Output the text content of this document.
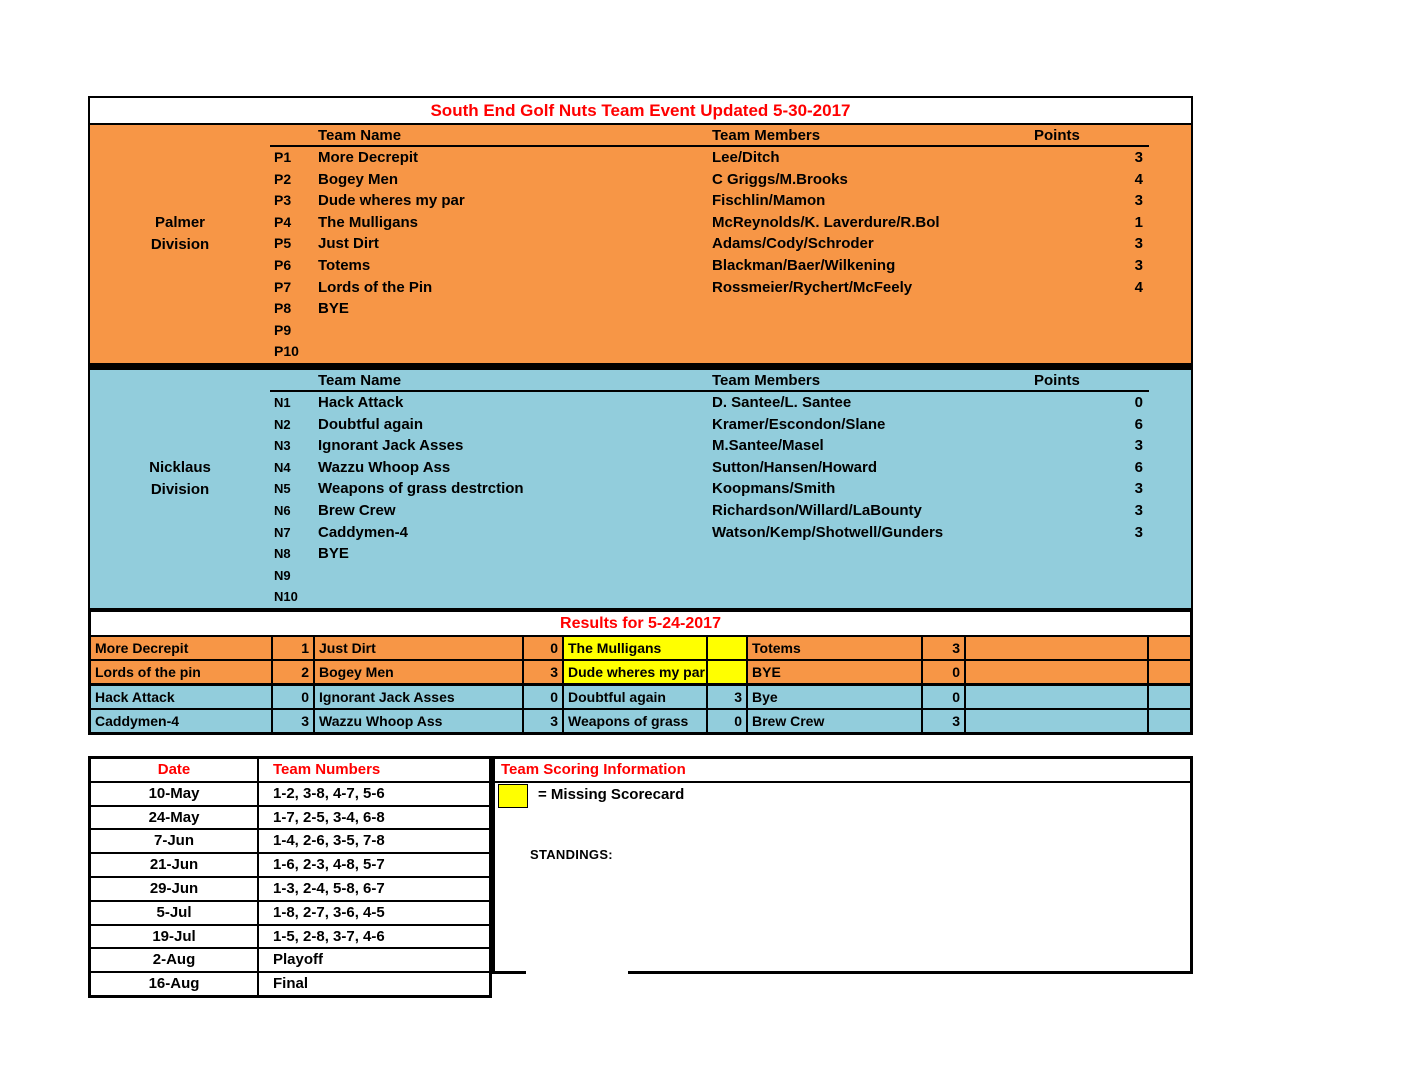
South End Golf Nuts Team Event Updated 5-30-2017
Palmer
Division
Team Name	Team Members	Points
P1	More Decrepit	Lee/Ditch	3
P2	Bogey Men	C Griggs/M.Brooks	4
P3	Dude wheres my par	Fischlin/Mamon	3
P4	The Mulligans	McReynolds/K. Laverdure/R.Bol	1
P5	Just Dirt	Adams/Cody/Schroder	3
P6	Totems	Blackman/Baer/Wilkening	3
P7	Lords of the Pin	Rossmeier/Rychert/McFeely	4
P8	BYE
P9
P10
Nicklaus
Division
Team Name	Team Members	Points
N1	Hack Attack	D. Santee/L. Santee	0
N2	Doubtful again	Kramer/Escondon/Slane	6
N3	Ignorant Jack Asses	M.Santee/Masel	3
N4	Wazzu Whoop Ass	Sutton/Hansen/Howard	6
N5	Weapons of grass destrction	Koopmans/Smith	3
N6	Brew Crew	Richardson/Willard/LaBounty	3
N7	Caddymen-4	Watson/Kemp/Shotwell/Gunders	3
N8	BYE
N9
N10
Results for 5-24-2017
More Decrepit	1 Just Dirt	0 The Mulligans	Totems	3
Lords of the pin	2 Bogey Men	3 Dude wheres my par	BYE	0
Hack Attack	0 Ignorant Jack Asses	0 Doubtful again	3 Bye	0
Caddymen-4	3 Wazzu Whoop Ass	3 Weapons of grass	0 Brew Crew	3
Date	Team Numbers
10-May	1-2, 3-8, 4-7, 5-6
24-May	1-7, 2-5, 3-4, 6-8
7-Jun	1-4, 2-6, 3-5, 7-8
21-Jun	1-6, 2-3, 4-8, 5-7
29-Jun	1-3, 2-4, 5-8, 6-7
5-Jul	1-8, 2-7, 3-6, 4-5
19-Jul	1-5, 2-8, 3-7, 4-6
2-Aug	Playoff
16-Aug	Final
Team Scoring Information
= Missing Scorecard
STANDINGS:
